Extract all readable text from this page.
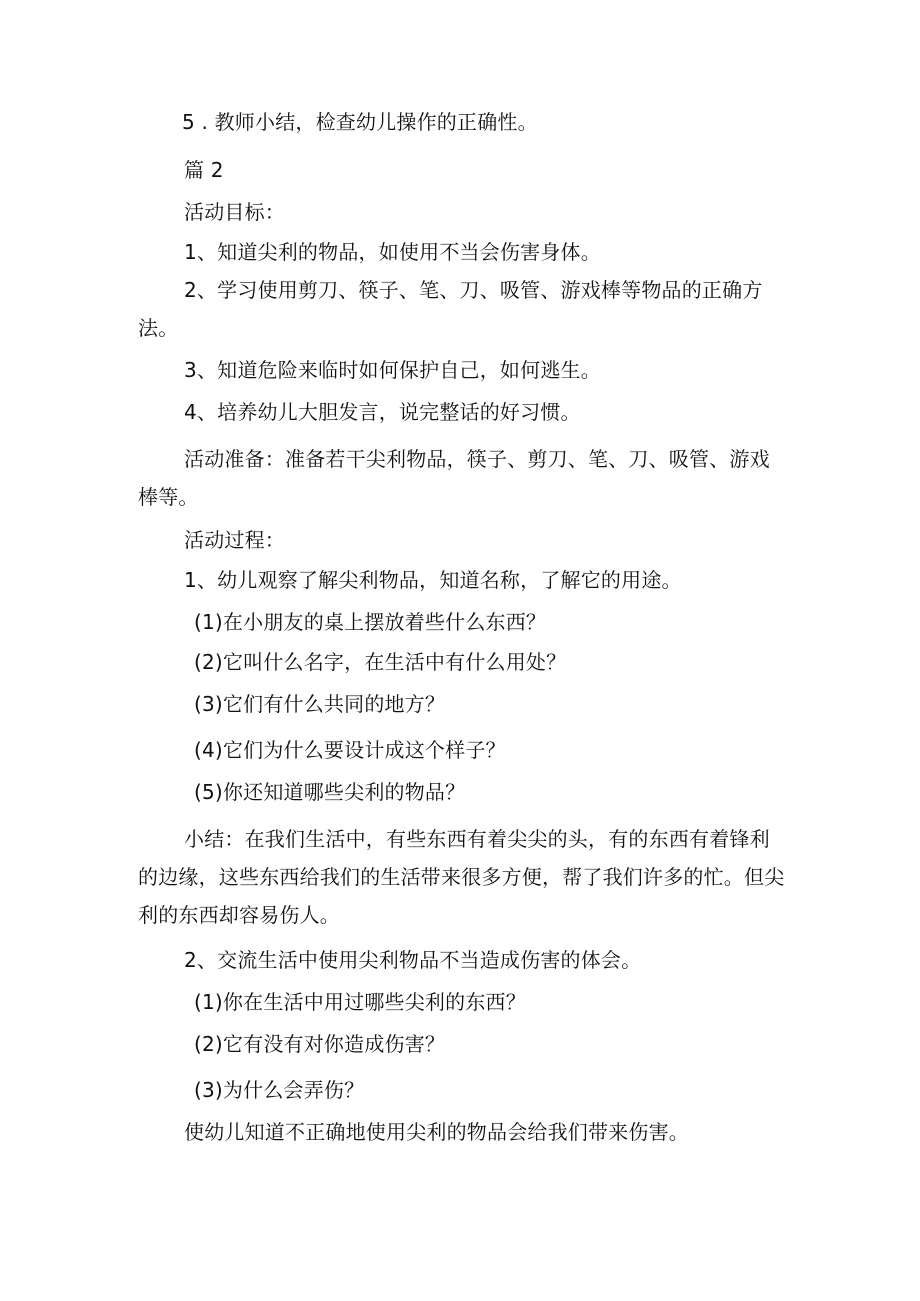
5 . 教师小结，检查幼儿操作的正确性。
篇 2
活动目标：
1、知道尖利的物品，如使用不当会伤害身体。
2、学习使用剪刀、筷子、笔、刀、吸管、游戏棒等物品的正确方法。
3、知道危险来临时如何保护自己，如何逃生。
4、培养幼儿大胆发言，说完整话的好习惯。
活动准备：准备若干尖利物品，筷子、剪刀、笔、刀、吸管、游戏棒等。
活动过程：
1、幼儿观察了解尖利物品，知道名称，了解它的用途。
(1)在小朋友的桌上摆放着些什么东西？
(2)它叫什么名字，在生活中有什么用处？
(3)它们有什么共同的地方？
(4)它们为什么要设计成这个样子？
(5)你还知道哪些尖利的物品？
小结：在我们生活中，有些东西有着尖尖的头，有的东西有着锋利的边缘，这些东西给我们的生活带来很多方便，帮了我们许多的忙。但尖利的东西却容易伤人。
2、交流生活中使用尖利物品不当造成伤害的体会。
(1)你在生活中用过哪些尖利的东西？
(2)它有没有对你造成伤害？
(3)为什么会弄伤？
使幼儿知道不正确地使用尖利的物品会给我们带来伤害。
